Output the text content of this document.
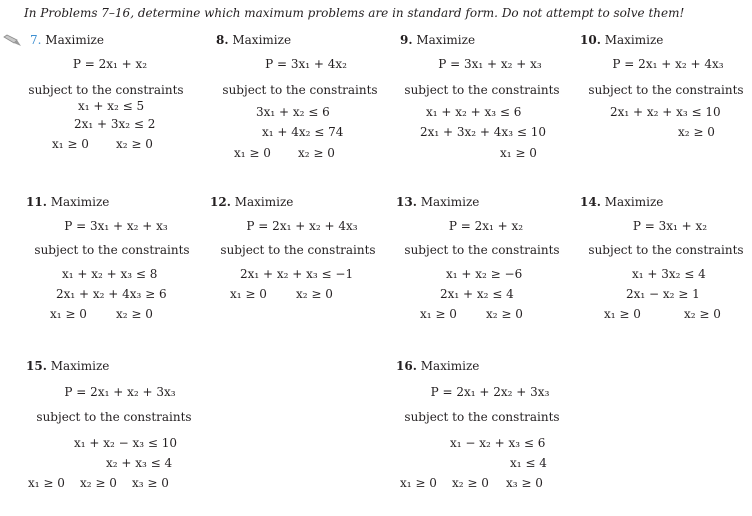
In Problems 7–16, determine which maximum problems are in standard form. Do not attempt to solve them!
7. Maximize
P = 2x₁ + x₂
subject to the constraints
x₁ + x₂ ≤ 5
2x₁ + 3x₂ ≤ 2
x₁ ≥ 0 x₂ ≥ 0
8. Maximize
P = 3x₁ + 4x₂
subject to the constraints
3x₁ + x₂ ≤ 6
x₁ + 4x₂ ≤ 74
x₁ ≥ 0 x₂ ≥ 0
9. Maximize
P = 3x₁ + x₂ + x₃
subject to the constraints
x₁ + x₂ + x₃ ≤ 6
2x₁ + 3x₂ + 4x₃ ≤ 10
x₁ ≥ 0
10. Maximize
P = 2x₁ + x₂ + 4x₃
subject to the constraints
2x₁ + x₂ + x₃ ≤ 10
x₂ ≥ 0
11. Maximize
P = 3x₁ + x₂ + x₃
subject to the constraints
x₁ + x₂ + x₃ ≤ 8
2x₁ + x₂ + 4x₃ ≥ 6
x₁ ≥ 0 x₂ ≥ 0
12. Maximize
P = 2x₁ + x₂ + 4x₃
subject to the constraints
2x₁ + x₂ + x₃ ≤ −1
x₁ ≥ 0 x₂ ≥ 0
13. Maximize
P = 2x₁ + x₂
subject to the constraints
x₁ + x₂ ≥ −6
2x₁ + x₂ ≤ 4
x₁ ≥ 0 x₂ ≥ 0
14. Maximize
P = 3x₁ + x₂
subject to the constraints
x₁ + 3x₂ ≤ 4
2x₁ − x₂ ≥ 1
x₁ ≥ 0	x₂ ≥ 0
15. Maximize
P = 2x₁ + x₂ + 3x₃
subject to the constraints
x₁ + x₂ − x₃ ≤ 10
x₂ + x₃ ≤ 4
x₁ ≥ 0 x₂ ≥ 0 x₃ ≥ 0
16. Maximize
P = 2x₁ + 2x₂ + 3x₃
subject to the constraints
x₁ − x₂ + x₃ ≤ 6
x₁ ≤ 4
x₁ ≥ 0 x₂ ≥ 0 x₃ ≥ 0
